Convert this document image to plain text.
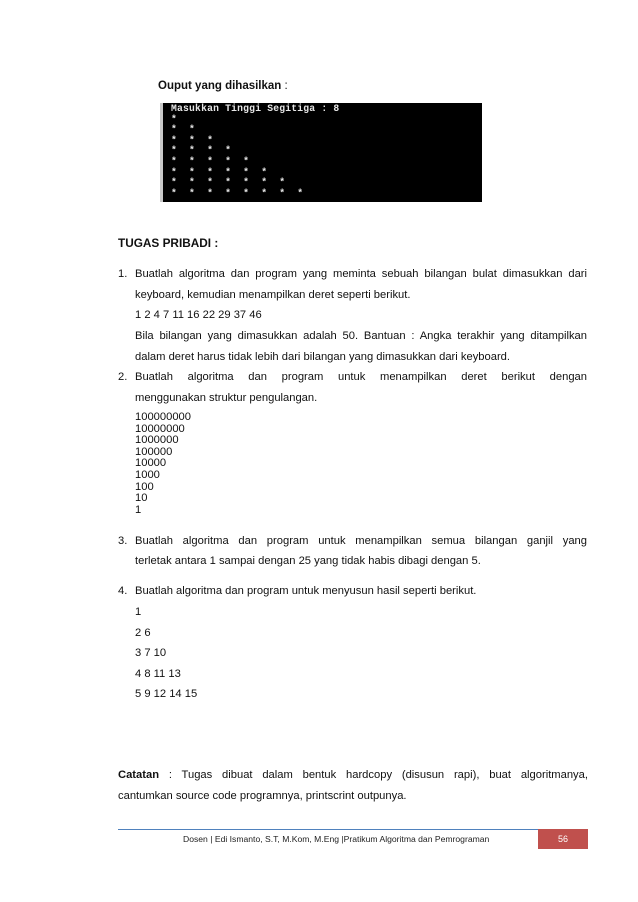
Ouput yang dihasilkan :
Masukkan Tinggi Segitiga : 8
*
*  *
*  *  *
*  *  *  *
*  *  *  *  *
*  *  *  *  *  *
*  *  *  *  *  *  *
*  *  *  *  *  *  *  *
TUGAS PRIBADI :
1. Buatlah algoritma dan program yang meminta sebuah bilangan bulat dimasukkan dari
keyboard, kemudian menampilkan deret seperti berikut.
1 2 4 7 11 16 22 29 37 46
Bila bilangan yang dimasukkan adalah 50. Bantuan : Angka terakhir yang ditampilkan
dalam deret harus tidak lebih dari bilangan yang dimasukkan dari keyboard.
2. Buatlah algoritma dan program untuk menampilkan deret berikut dengan
menggunakan struktur pengulangan.
100000000
10000000
1000000
100000
10000
1000
100
10
1
3. Buatlah algoritma dan program untuk menampilkan semua bilangan ganjil yang
terletak antara 1 sampai dengan 25 yang tidak habis dibagi dengan 5.
4. Buatlah algoritma dan program untuk menyusun hasil seperti berikut.
1
2 6
3 7 10
4 8 11 13
5 9 12 14 15
Catatan : Tugas dibuat dalam bentuk hardcopy (disusun rapi), buat algoritmanya,
cantumkan source code programnya, printscrint outpunya.
Dosen | Edi Ismanto, S.T, M.Kom, M.Eng |Pratikum Algoritma dan Pemrograman	56
